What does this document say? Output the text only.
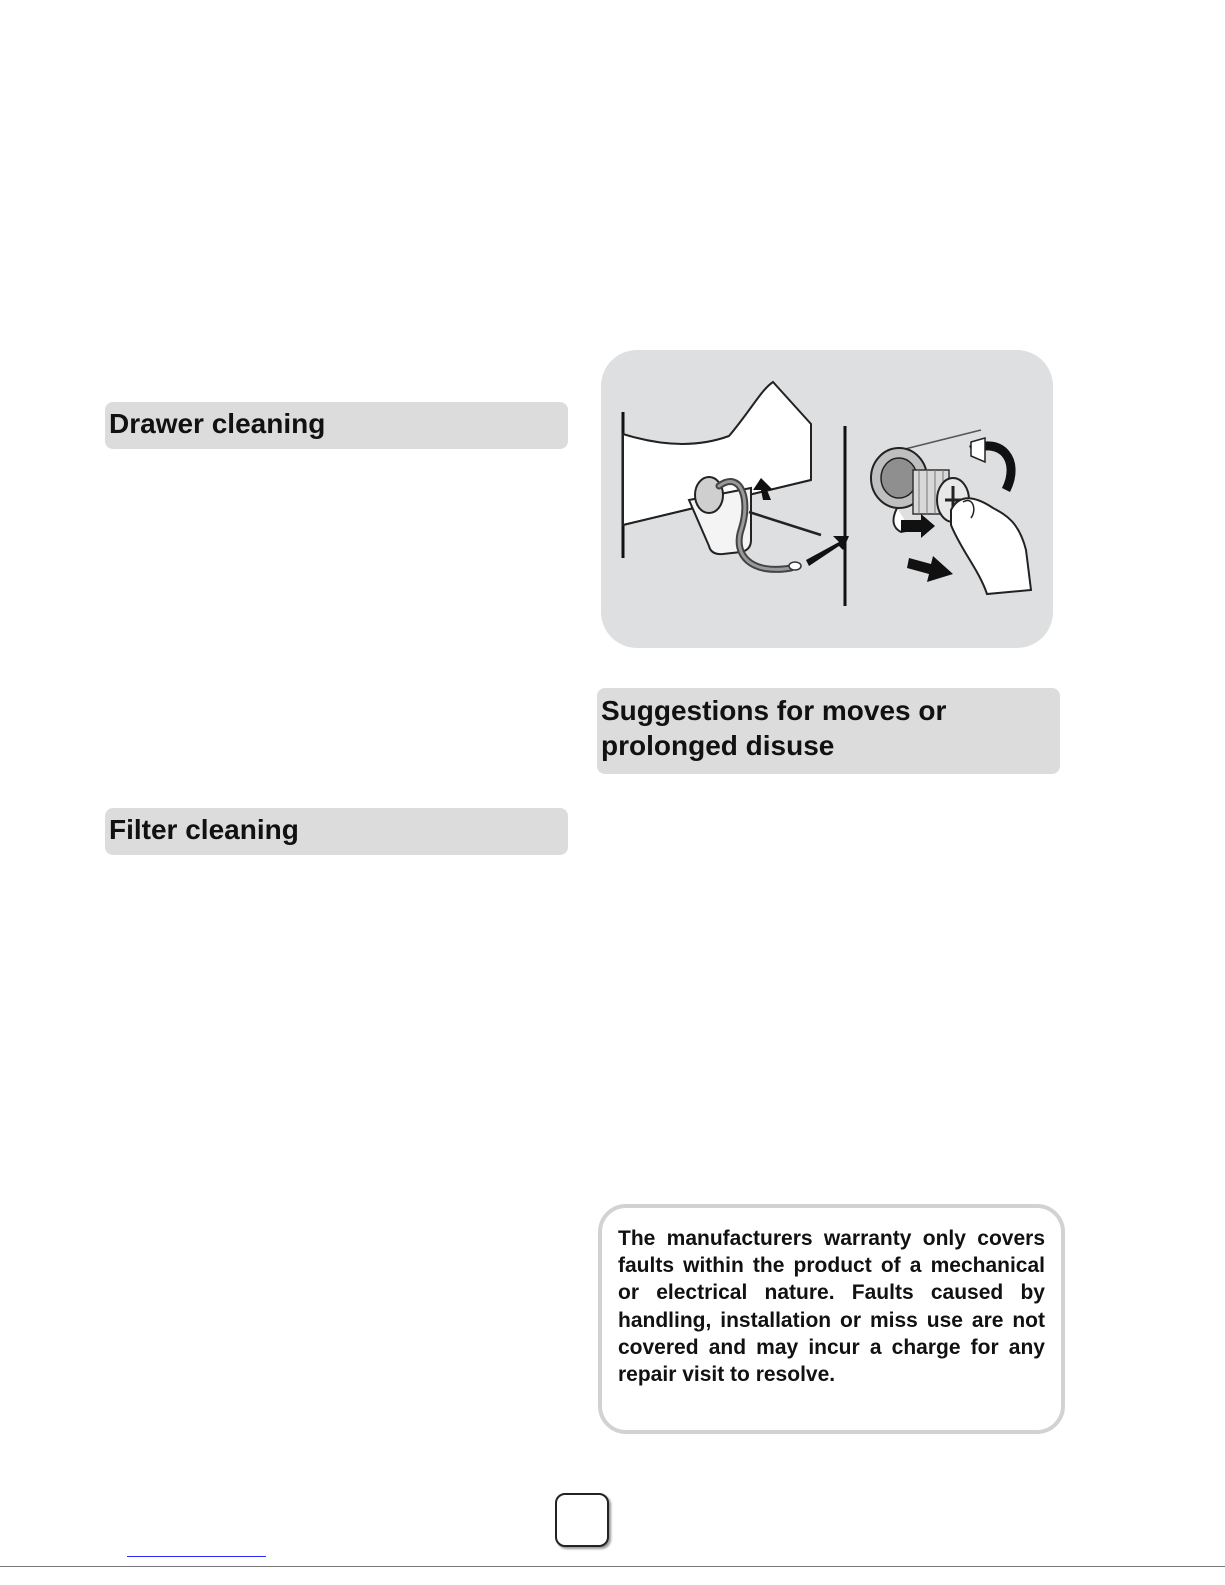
Drawer cleaning
Filter cleaning
Suggestions for moves or
prolonged disuse

The manufacturers warranty only covers faults within the product of a mechanical or electrical nature. Faults caused by handling, installation or miss use are not covered and may incur a charge for any repair visit to resolve.
